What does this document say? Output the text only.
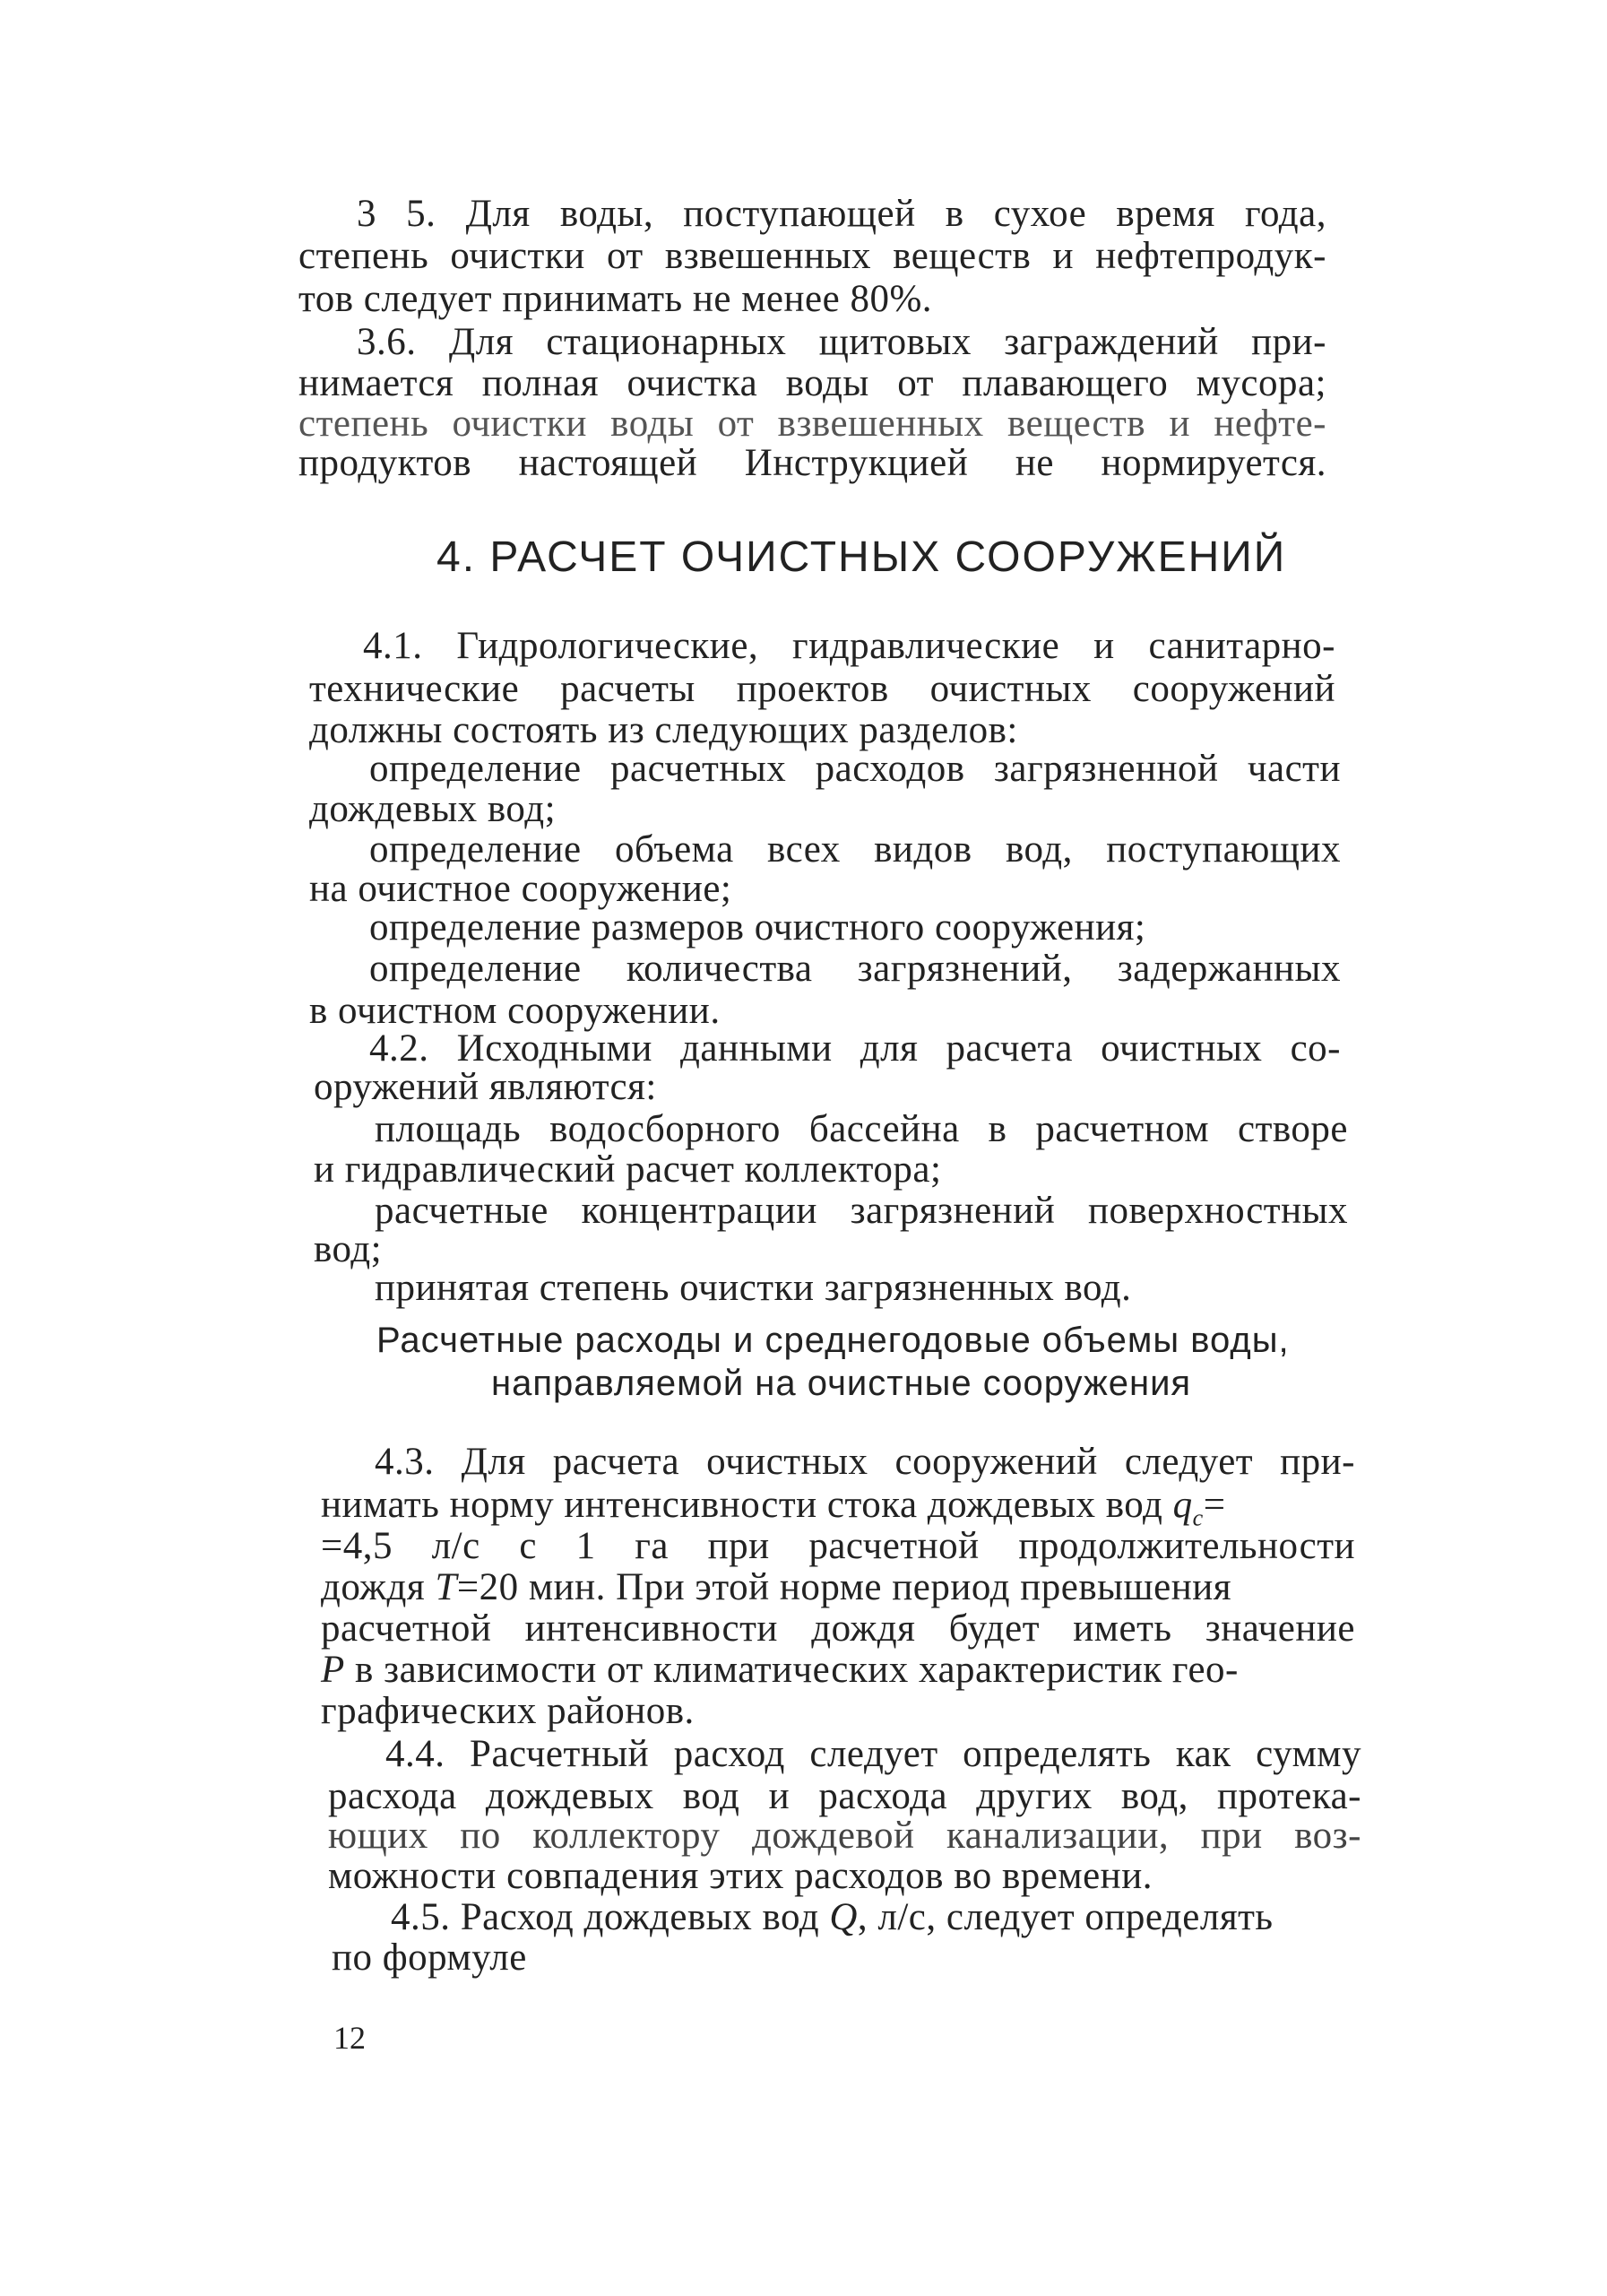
3 5. Для воды, поступающей в сухое время года,
степень очистки от взвешенных веществ и нефтепродук-
тов следует принимать не менее 80%.
3.6. Для стационарных щитовых заграждений при-
нимается полная очистка воды от плавающего мусора;
степень очистки воды от взвешенных веществ и нефте-
продуктов настоящей Инструкцией не нормируется.
4. РАСЧЕТ ОЧИСТНЫХ СООРУЖЕНИЙ
4.1. Гидрологические, гидравлические и санитарно-
технические расчеты проектов очистных сооружений
должны состоять из следующих разделов:
определение расчетных расходов загрязненной части
дождевых вод;
определение объема всех видов вод, поступающих
на очистное сооружение;
определение размеров очистного сооружения;
определение количества загрязнений, задержанных
в очистном сооружении.
4.2. Исходными данными для расчета очистных со-
оружений являются:
площадь водосборного бассейна в расчетном створе
и гидравлический расчет коллектора;
расчетные концентрации загрязнений поверхностных
вод;
принятая степень очистки загрязненных вод.
Расчетные расходы и среднегодовые объемы воды,
направляемой на очистные сооружения
4.3. Для расчета очистных сооружений следует при-
нимать норму интенсивности стока дождевых вод $q_c=$
=4,5 л/с с 1 га при расчетной продолжительности
дождя T=20 мин. При этой норме период превышения
расчетной интенсивности дождя будет иметь значение
P в зависимости от климатических характеристик гео-
графических районов.
4.4. Расчетный расход следует определять как сумму
расхода дождевых вод и расхода других вод, протека-
ющих по коллектору дождевой канализации, при воз-
можности совпадения этих расходов во времени.
4.5. Расход дождевых вод Q, л/с, следует определять
по формуле
12
